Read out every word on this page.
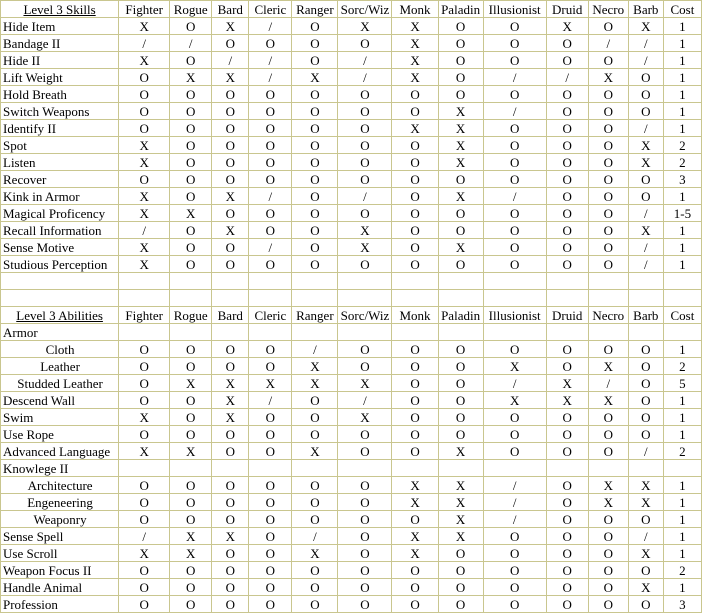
Level 3 Skills	Fighter	Rogue	Bard	Cleric	Ranger	Sorc/Wiz	Monk	Paladin	Illusionist	Druid	Necro	Barb	Cost
Hide Item	X	O	X	/	O	X	X	O	O	X	O	X	1
Bandage II	/	/	O	O	O	O	X	O	O	O	/	/	1
Hide II	X	O	/	/	O	/	X	O	O	O	O	/	1
Lift Weight	O	X	X	/	X	/	X	O	/	/	X	O	1
Hold Breath	O	O	O	O	O	O	O	O	O	O	O	O	1
Switch Weapons	O	O	O	O	O	O	O	X	/	O	O	O	1
Identify II	O	O	O	O	O	O	X	X	O	O	O	/	1
Spot	X	O	O	O	O	O	O	X	O	O	O	X	2
Listen	X	O	O	O	O	O	O	X	O	O	O	X	2
Recover	O	O	O	O	O	O	O	O	O	O	O	O	3
Kink in Armor	X	O	X	/	O	/	O	X	/	O	O	O	1
Magical Proficency	X	X	O	O	O	O	O	O	O	O	O	/	1-5
Recall Information	/	O	X	O	O	X	O	O	O	O	O	X	1
Sense Motive	X	O	O	/	O	X	O	X	O	O	O	/	1
Studious Perception	X	O	O	O	O	O	O	O	O	O	O	/	1

Level 3 Abilities	Fighter	Rogue	Bard	Cleric	Ranger	Sorc/Wiz	Monk	Paladin	Illusionist	Druid	Necro	Barb	Cost
Armor													
Cloth	O	O	O	O	/	O	O	O	O	O	O	O	1
Leather	O	O	O	O	X	O	O	O	X	O	X	O	2
Studded Leather	O	X	X	X	X	X	O	O	/	X	/	O	5
Descend Wall	O	O	X	/	O	/	O	O	X	X	X	O	1
Swim	X	O	X	O	O	X	O	O	O	O	O	O	1
Use Rope	O	O	O	O	O	O	O	O	O	O	O	O	1
Advanced Language	X	X	O	O	X	O	O	X	O	O	O	/	2
Knowlege II													
Architecture	O	O	O	O	O	O	X	X	/	O	X	X	1
Engeneering	O	O	O	O	O	O	X	X	/	O	X	X	1
Weaponry	O	O	O	O	O	O	O	X	/	O	O	O	1
Sense Spell	/	X	X	O	/	O	X	X	O	O	O	/	1
Use Scroll	X	X	O	O	X	O	X	O	O	O	O	X	1
Weapon Focus II	O	O	O	O	O	O	O	O	O	O	O	O	2
Handle Animal	O	O	O	O	O	O	O	O	O	O	O	X	1
Profession	O	O	O	O	O	O	O	O	O	O	O	O	3
